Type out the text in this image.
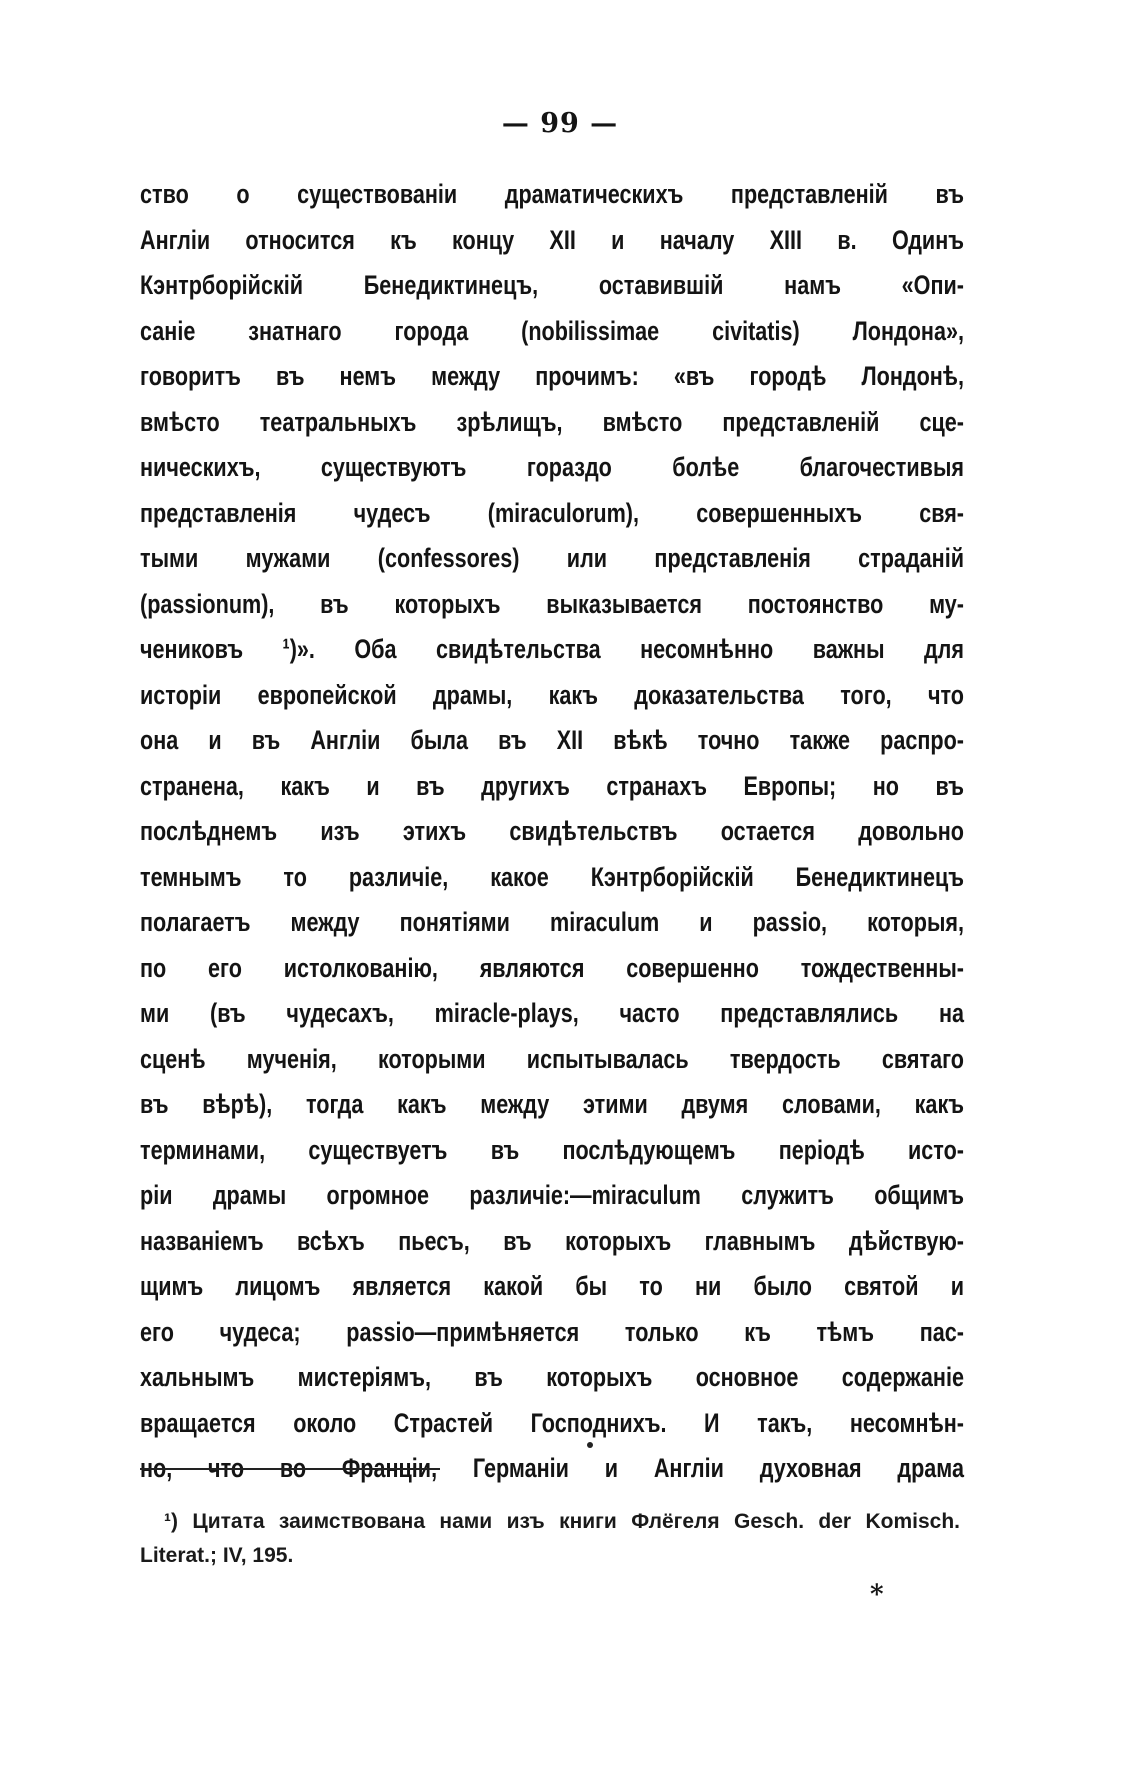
— 99 —
ство о существованіи драматическихъ представленій въ
Англіи относится къ концу XII и началу XIII в. Одинъ
Кэнтрборійскій Бенедиктинецъ, оставившій намъ «Опи-
саніе знатнаго города (nobilissimae civitatis) Лондона»,
говоритъ въ немъ между прочимъ: «въ городѣ Лондонѣ,
вмѣсто театральныхъ зрѣлищъ, вмѣсто представленій сце-
ническихъ, существуютъ гораздо болѣе благочестивыя
представленія чудесъ (miraculorum), совершенныхъ свя-
тыми мужами (confessores) или представленія страданій
(passionum), въ которыхъ выказывается постоянство му-
чениковъ ¹)». Оба свидѣтельства несомнѣнно важны для
исторіи европейской драмы, какъ доказательства того, что
она и въ Англіи была въ XII вѣкѣ точно также распро-
странена, какъ и въ другихъ странахъ Европы; но въ
послѣднемъ изъ этихъ свидѣтельствъ остается довольно
темнымъ то различіе, какое Кэнтрборійскій Бенедиктинецъ
полагаетъ между понятіями miraculum и passio, которыя,
по его истолкованію, являются совершенно тождественны-
ми (въ чудесахъ, miracle-plays, часто представлялись на
сценѣ мученія, которыми испытывалась твердость святаго
въ вѣрѣ), тогда какъ между этими двумя словами, какъ
терминами, существуетъ въ послѣдующемъ періодѣ исто-
ріи драмы огромное различіе:—miraculum служитъ общимъ
названіемъ всѣхъ пьесъ, въ которыхъ главнымъ дѣйствую-
щимъ лицомъ является какой бы то ни было святой и
его чудеса; passio—примѣняется только къ тѣмъ пас-
хальнымъ мистеріямъ, въ которыхъ основное содержаніе
вращается около Страстей Господнихъ. И такъ, несомнѣн-
но, что во Франціи, Германіи и Англіи духовная драма
¹) Цитата заимствована нами изъ книги Флёгеля Gesch. der Komisch.
Literat.; IV, 195.
*
